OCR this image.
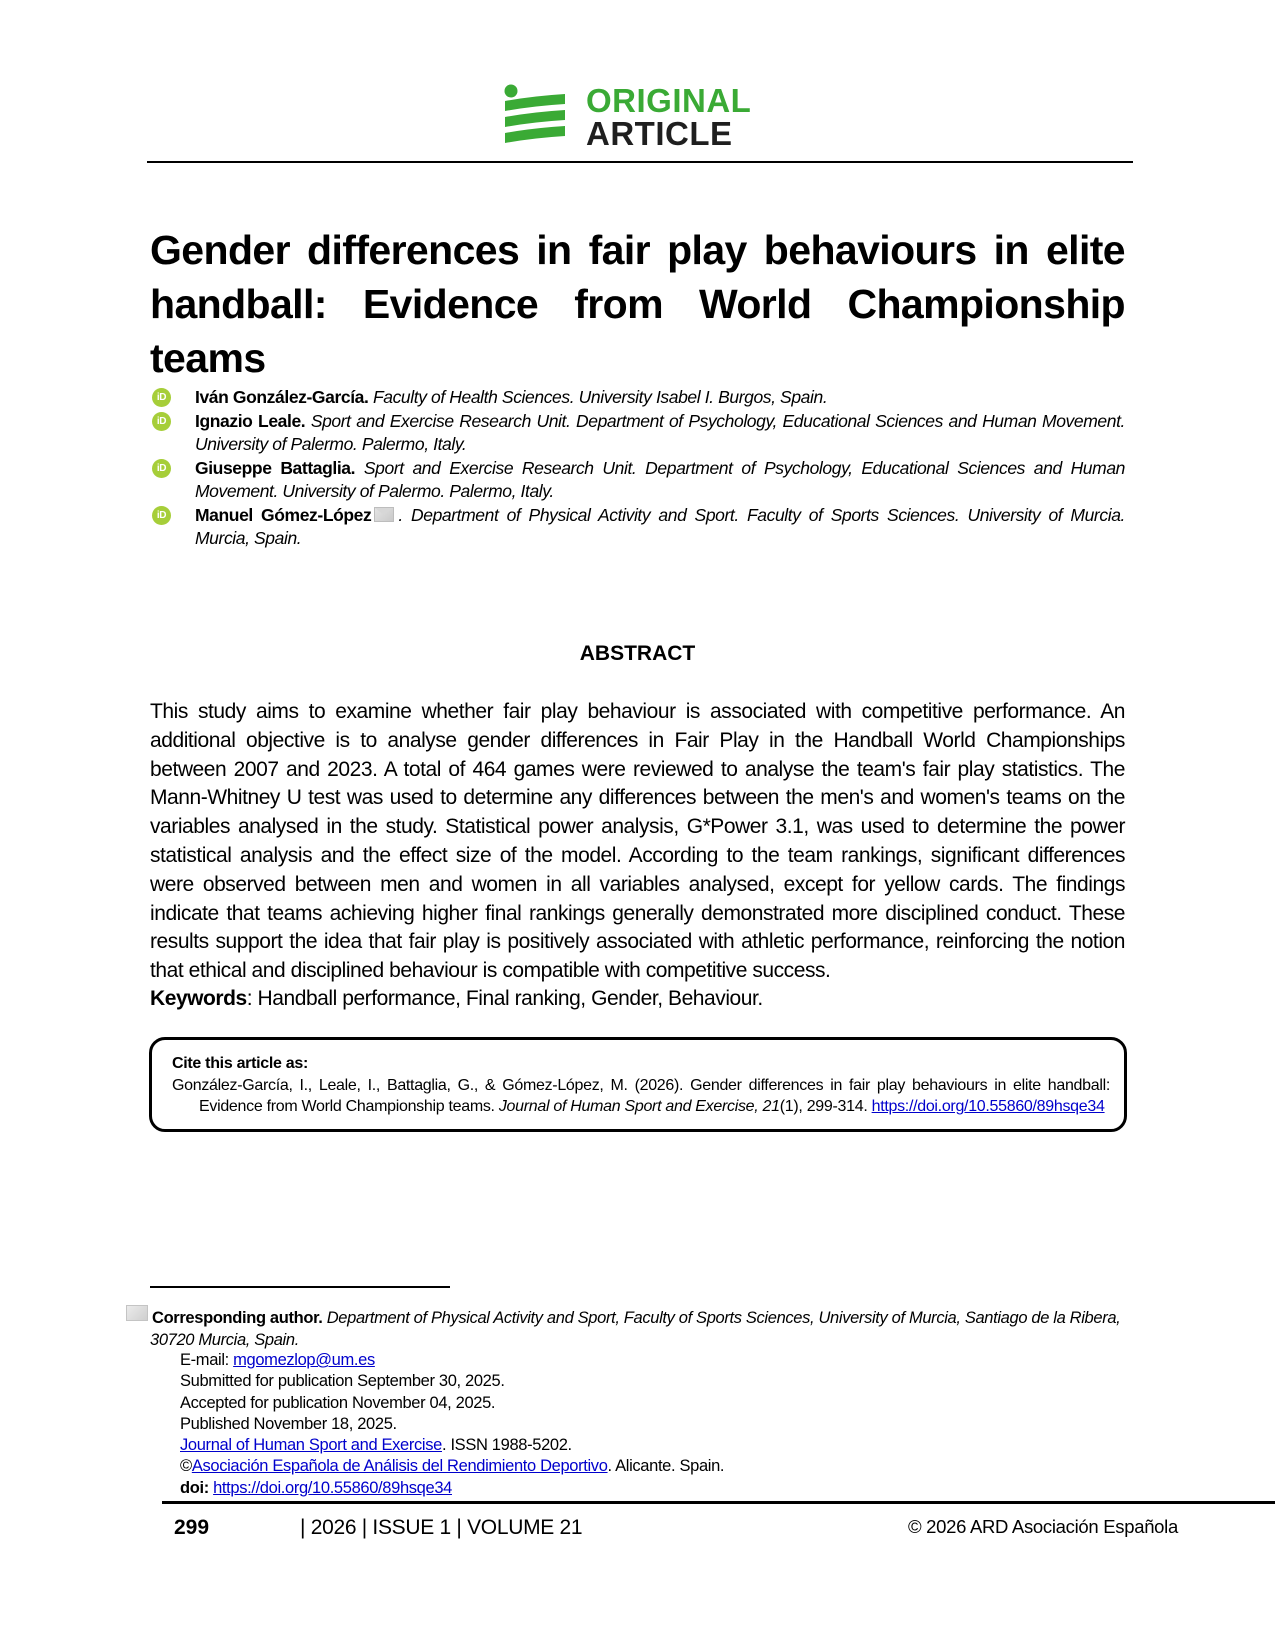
ORIGINAL
ARTICLE
Gender differences in fair play behaviours in elite
handball: Evidence from World Championship teams
iD Iván González-García. Faculty of Health Sciences. University Isabel I. Burgos, Spain.
iD Ignazio Leale. Sport and Exercise Research Unit. Department of Psychology, Educational Sciences and Human Movement. University of Palermo. Palermo, Italy.
iD Giuseppe Battaglia. Sport and Exercise Research Unit. Department of Psychology, Educational Sciences and Human Movement. University of Palermo. Palermo, Italy.
iD Manuel Gómez-López . Department of Physical Activity and Sport. Faculty of Sports Sciences. University of Murcia. Murcia, Spain.
ABSTRACT
This study aims to examine whether fair play behaviour is associated with competitive performance. An additional objective is to analyse gender differences in Fair Play in the Handball World Championships between 2007 and 2023. A total of 464 games were reviewed to analyse the team's fair play statistics. The Mann-Whitney U test was used to determine any differences between the men's and women's teams on the variables analysed in the study. Statistical power analysis, G*Power 3.1, was used to determine the power statistical analysis and the effect size of the model. According to the team rankings, significant differences were observed between men and women in all variables analysed, except for yellow cards. The findings indicate that teams achieving higher final rankings generally demonstrated more disciplined conduct. These results support the idea that fair play is positively associated with athletic performance, reinforcing the notion that ethical and disciplined behaviour is compatible with competitive success.
Keywords: Handball performance, Final ranking, Gender, Behaviour.
Cite this article as:
González-García, I., Leale, I., Battaglia, G., & Gómez-López, M. (2026). Gender differences in fair play behaviours in elite handball: Evidence from World Championship teams. Journal of Human Sport and Exercise, 21(1), 299-314. https://doi.org/10.55860/89hsqe34
Corresponding author. Department of Physical Activity and Sport, Faculty of Sports Sciences, University of Murcia, Santiago de la Ribera, 30720 Murcia, Spain.
E-mail: mgomezlop@um.es
Submitted for publication September 30, 2025.
Accepted for publication November 04, 2025.
Published November 18, 2025.
Journal of Human Sport and Exercise. ISSN 1988-5202.
©Asociación Española de Análisis del Rendimiento Deportivo. Alicante. Spain.
doi: https://doi.org/10.55860/89hsqe34
299	| 2026 | ISSUE 1 | VOLUME 21	© 2026 ARD Asociación Española
